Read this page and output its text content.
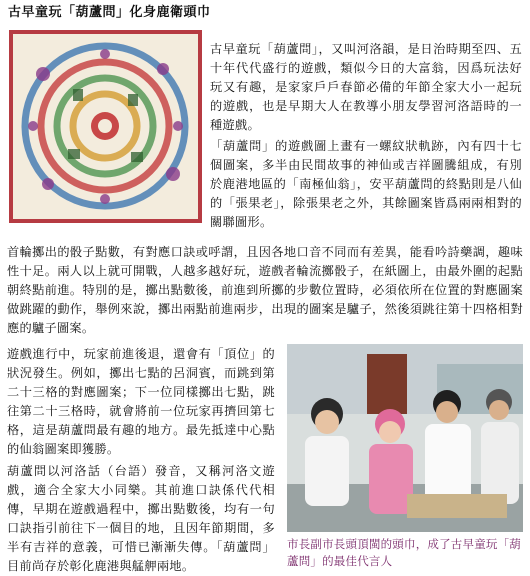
古早童玩「葫蘆問」化身鹿衛頭巾

古早童玩「葫蘆問」，又叫河洛韻，是日治時期至四、五十年代代盛行的遊戲，類似今日的大富翁，因爲玩法好玩又有趣，是家家戶戶春節必備的年節全家大小一起玩的遊戲，也是早期大人在教導小朋友學習河洛語時的一種遊戲。

「葫蘆問」的遊戲圖上畫有一螺紋狀軌跡，內有四十七個圖案，多半由民間故事的神仙或吉祥圖騰組成，有別於鹿港地區的「南極仙翁」，安平葫蘆問的終點則是八仙的「張果老」，除張果老之外，其餘圖案皆爲兩兩相對的關聯圖形。

首輪擲出的骰子點數，有對應口訣或呼謂，且因各地口音不同而有差異，能看吟詩藥調，趣味性十足。兩人以上就可開戰，人越多越好玩，遊戲者輪流擲骰子，在紙圖上，由最外圍的起點朝終點前進。特別的是，擲出點數後，前進到所擲的步數位置時，必須依所在位置的對應圖案做跳躍的動作，舉例來說，擲出兩點前進兩步，出現的圖案是驢子，然後須跳往第十四格相對應的驢子圖案。

遊戲進行中，玩家前進後退，還會有「頂位」的狀況發生。例如，擲出七點的呂洞賓，而跳到第二十三格的對應圖案；下一位同樣擲出七點，跳往第二十三格時，就會將前一位玩家再擠回第七格，這是葫蘆問最有趣的地方。最先抵達中心點的仙翁圖案即獲勝。

葫蘆問以河洛話（台語）發音，又稱河洛文遊戲，適合全家大小同樂。其前進口訣係代代相傳，早期在遊戲過程中，擲出點數後，均有一句口訣指引前往下一個目的地，且因年節期間，多半有吉祥的意義，可惜已漸漸失傳。「葫蘆問」目前尚存於彰化鹿港與艋舺兩地。

市長副市長頭頂閩的頭巾，成了古早童玩「葫蘆問」的最佳代言人
